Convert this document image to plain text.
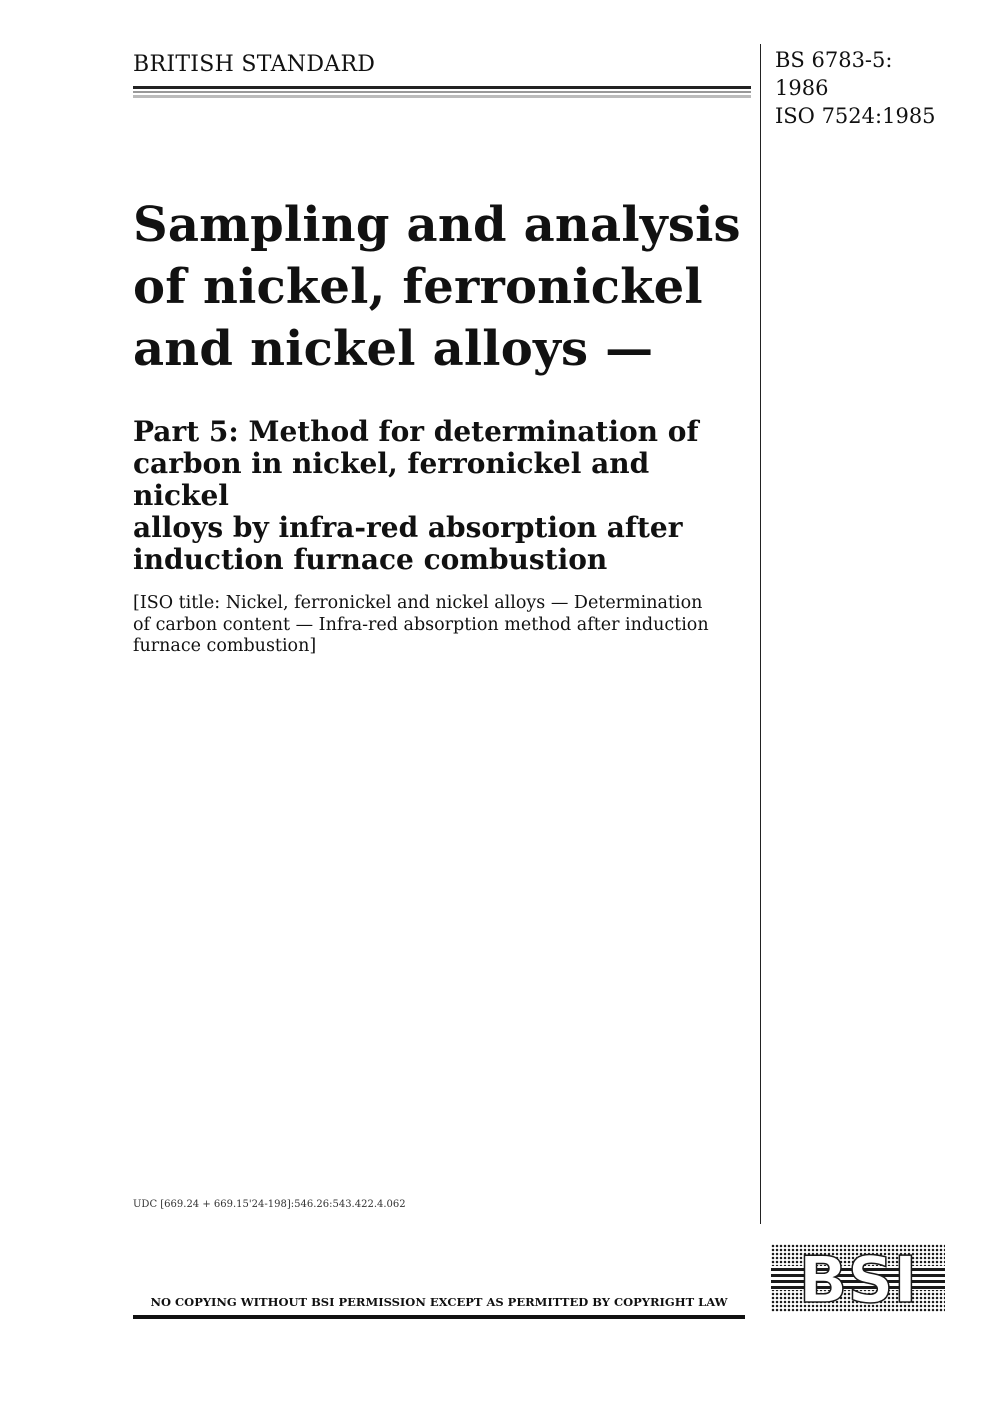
BRITISH STANDARD	BS 6783-5:
1986
ISO 7524:1985
Sampling and analysis
of nickel, ferronickel
and nickel alloys —
Part 5: Method for determination of
carbon in nickel, ferronickel and nickel
alloys by infra-red absorption after
induction furnace combustion
[ISO title: Nickel, ferronickel and nickel alloys — Determination
of carbon content — Infra-red absorption method after induction
furnace combustion]
UDC [669.24 + 669.15'24-198]:546.26:543.422.4.062
BSI
NO COPYING WITHOUT BSI PERMISSION EXCEPT AS PERMITTED BY COPYRIGHT LAW
